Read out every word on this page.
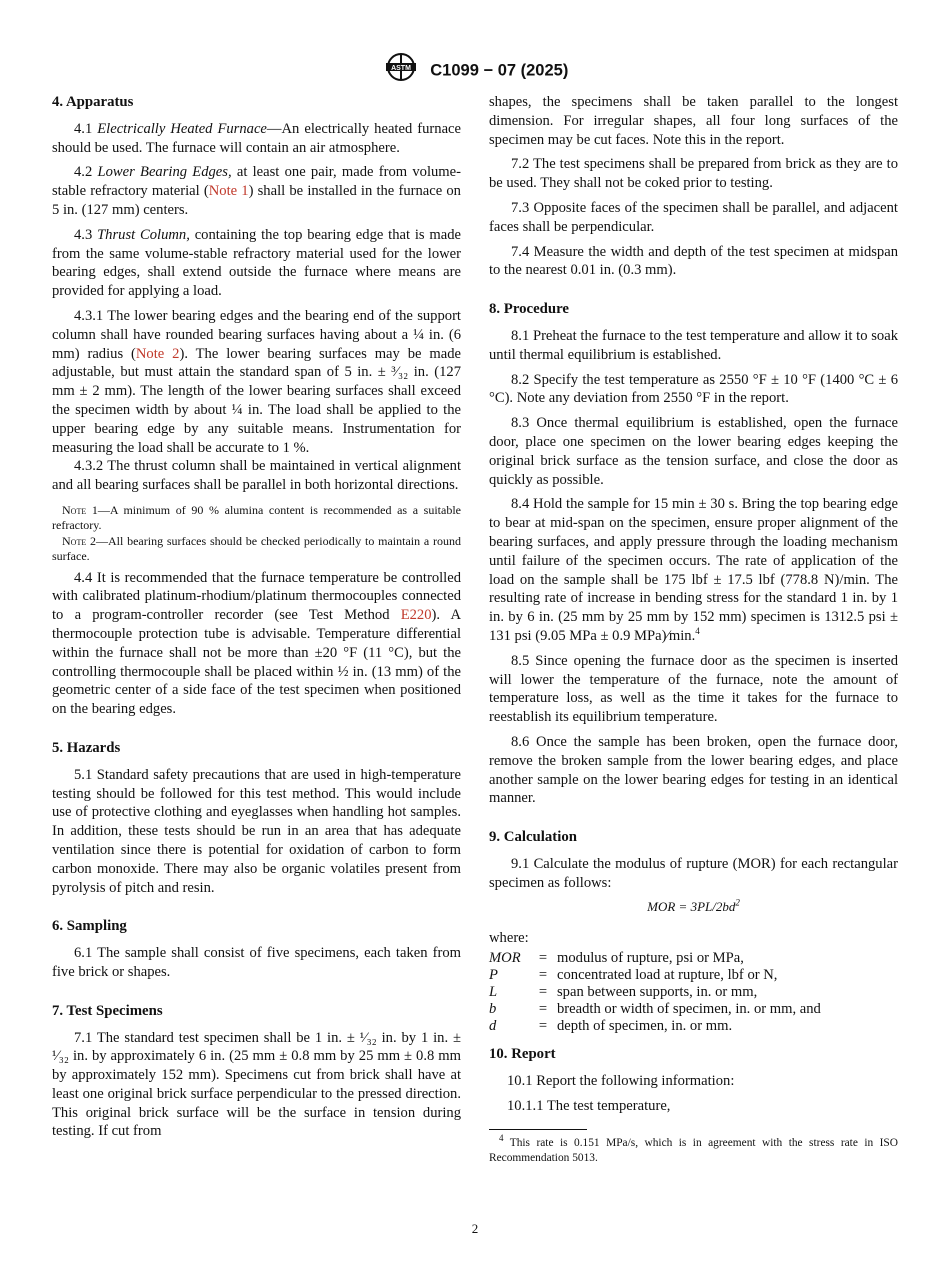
ASTM C1099 − 07 (2025)
4. Apparatus

4.1 Electrically Heated Furnace—An electrically heated furnace should be used. The furnace will contain an air atmosphere.

4.2 Lower Bearing Edges, at least one pair, made from volume-stable refractory material (Note 1) shall be installed in the furnace on 5 in. (127 mm) centers.

4.3 Thrust Column, containing the top bearing edge that is made from the same volume-stable refractory material used for the lower bearing edges, shall extend outside the furnace where means are provided for applying a load.

4.3.1 The lower bearing edges and the bearing end of the support column shall have rounded bearing surfaces having about a ¼ in. (6 mm) radius (Note 2). The lower bearing surfaces may be made adjustable, but must attain the standard span of 5 in. ± ³⁄₃₂ in. (127 mm ± 2 mm). The length of the lower bearing surfaces shall exceed the specimen width by about ¼ in. The load shall be applied to the upper bearing edge by any suitable means. Instrumentation for measuring the load shall be accurate to 1 %.

4.3.2 The thrust column shall be maintained in vertical alignment and all bearing surfaces shall be parallel in both horizontal directions.

Note 1—A minimum of 90 % alumina content is recommended as a suitable refractory.

Note 2—All bearing surfaces should be checked periodically to maintain a round surface.

4.4 It is recommended that the furnace temperature be controlled with calibrated platinum-rhodium/platinum thermocouples connected to a program-controller recorder (see Test Method E220). A thermocouple protection tube is advisable. Temperature differential within the furnace shall not be more than ±20 °F (11 °C), but the controlling thermocouple shall be placed within ½ in. (13 mm) of the geometric center of a side face of the test specimen when positioned on the bearing edges.

5. Hazards

5.1 Standard safety precautions that are used in high-temperature testing should be followed for this test method. This would include use of protective clothing and eyeglasses when handling hot samples. In addition, these tests should be run in an area that has adequate ventilation since there is potential for oxidation of carbon to form carbon monoxide. There may also be organic volatiles present from pyrolysis of pitch and resin.

6. Sampling

6.1 The sample shall consist of five specimens, each taken from five brick or shapes.

7. Test Specimens

7.1 The standard test specimen shall be 1 in. ± ¹⁄₃₂ in. by 1 in. ± ¹⁄₃₂ in. by approximately 6 in. (25 mm ± 0.8 mm by 25 mm ± 0.8 mm by approximately 152 mm). Specimens cut from brick shall have at least one original brick surface perpendicular to the pressed direction. This original brick surface will be the surface in tension during testing. If cut from

shapes, the specimens shall be taken parallel to the longest dimension. For irregular shapes, all four long surfaces of the specimen may be cut faces. Note this in the report.

7.2 The test specimens shall be prepared from brick as they are to be used. They shall not be coked prior to testing.

7.3 Opposite faces of the specimen shall be parallel, and adjacent faces shall be perpendicular.

7.4 Measure the width and depth of the test specimen at midspan to the nearest 0.01 in. (0.3 mm).

8. Procedure

8.1 Preheat the furnace to the test temperature and allow it to soak until thermal equilibrium is established.

8.2 Specify the test temperature as 2550 °F ± 10 °F (1400 °C ± 6 °C). Note any deviation from 2550 °F in the report.

8.3 Once thermal equilibrium is established, open the furnace door, place one specimen on the lower bearing edges keeping the original brick surface as the tension surface, and close the door as quickly as possible.

8.4 Hold the sample for 15 min ± 30 s. Bring the top bearing edge to bear at mid-span on the specimen, ensure proper alignment of the bearing surfaces, and apply pressure through the loading mechanism until failure of the specimen occurs. The rate of application of the load on the sample shall be 175 lbf ± 17.5 lbf (778.8 N)/min. The resulting rate of increase in bending stress for the standard 1 in. by 1 in. by 6 in. (25 mm by 25 mm by 152 mm) specimen is 1312.5 psi ± 131 psi (9.05 MPa ± 0.9 MPa)⁄min.$^4$

8.5 Since opening the furnace door as the specimen is inserted will lower the temperature of the furnace, note the amount of temperature loss, as well as the time it takes for the furnace to reestablish its equilibrium temperature.

8.6 Once the sample has been broken, open the furnace door, remove the broken sample from the lower bearing edges, and place another sample on the lower bearing edges for testing in an identical manner.

9. Calculation

9.1 Calculate the modulus of rupture (MOR) for each rectangular specimen as follows:

MOR = $3PL/2bd^2$

where:

MOR	=	modulus of rupture, psi or MPa,
P	=	concentrated load at rupture, lbf or N,
L	=	span between supports, in. or mm,
b	=	breadth or width of specimen, in. or mm, and
d	=	depth of specimen, in. or mm.
10. Report

10.1 Report the following information:

10.1.1 The test temperature,

$^4$ This rate is 0.151 MPa/s, which is in agreement with the stress rate in ISO Recommendation 5013.

2
